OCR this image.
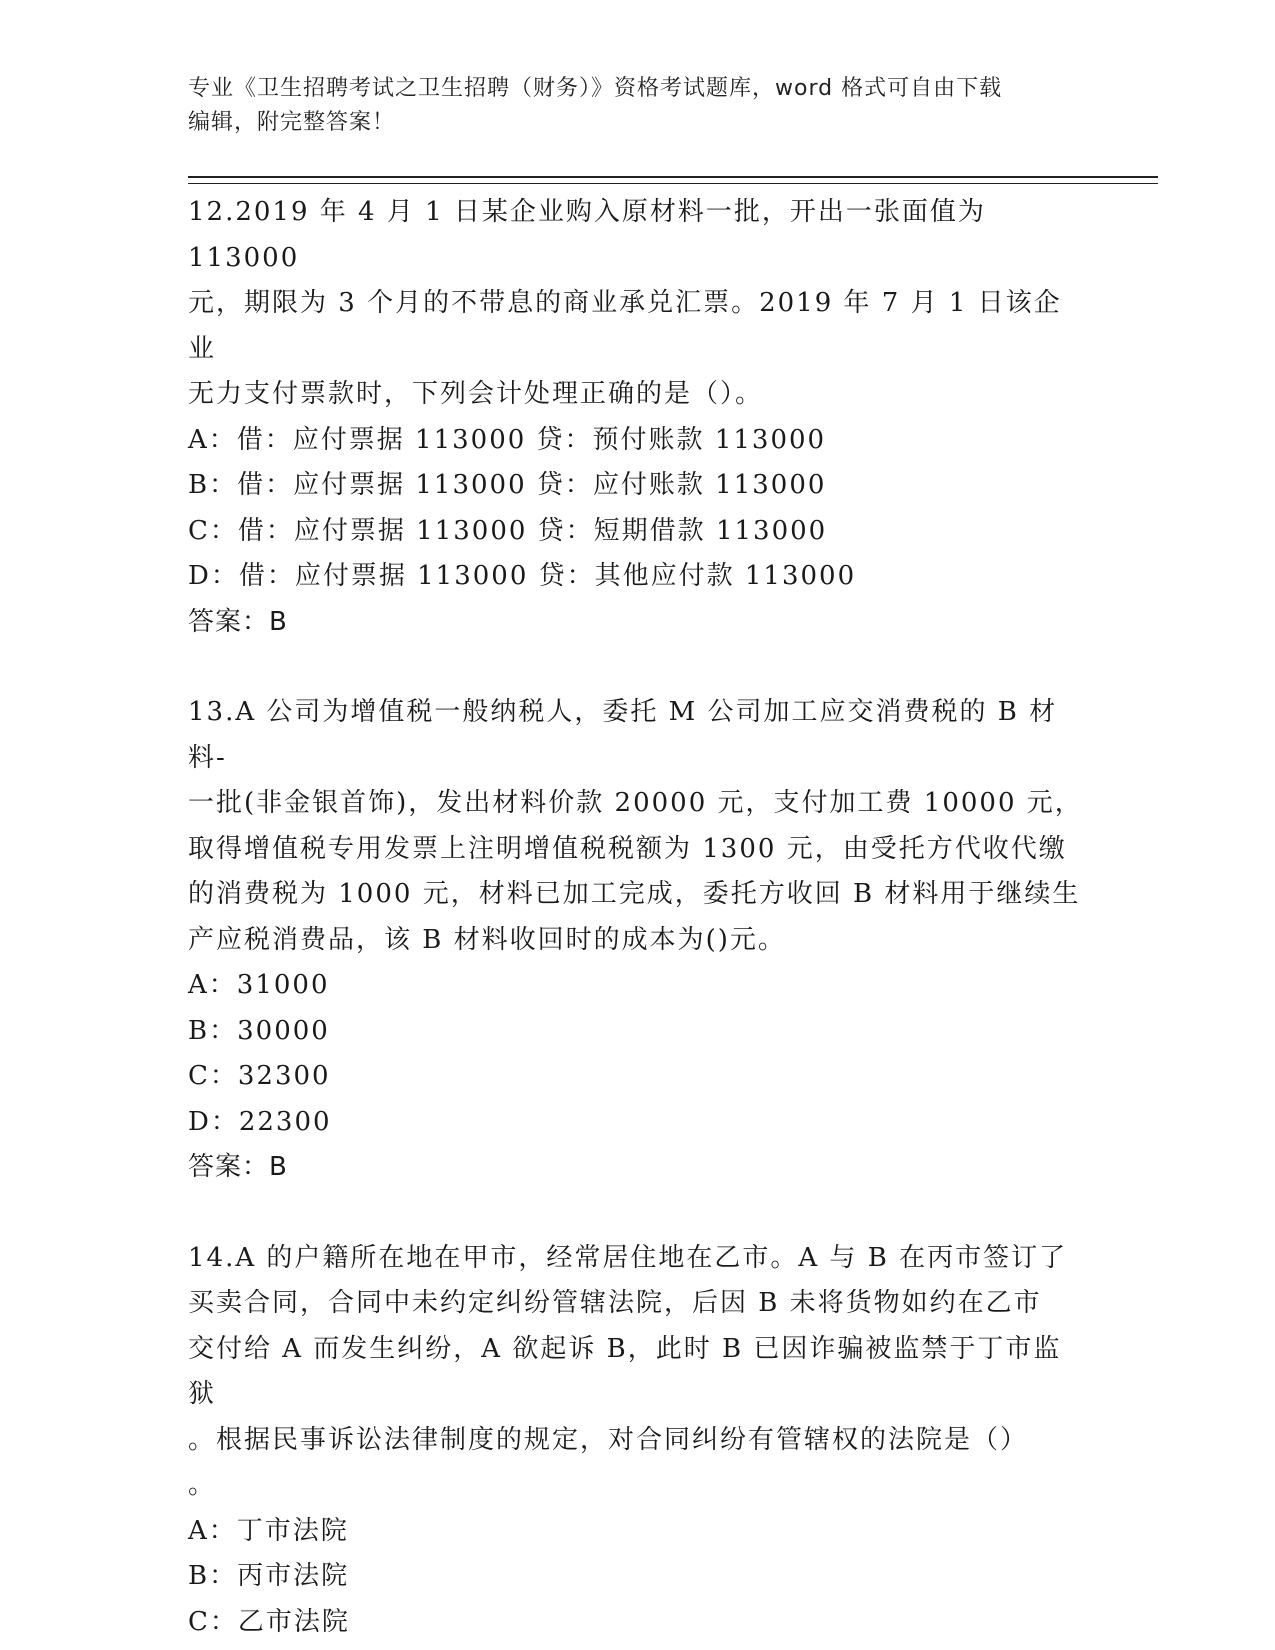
专业《卫生招聘考试之卫生招聘（财务）》资格考试题库，word 格式可自由下载
编辑，附完整答案！

12.2019 年 4 月 1 日某企业购入原材料一批，开出一张面值为 113000

元，期限为 3 个月的不带息的商业承兑汇票。2019 年 7 月 1 日该企业

无力支付票款时，下列会计处理正确的是（）。

A：借：应付票据 113000 贷：预付账款 113000

B：借：应付票据 113000 贷：应付账款 113000

C：借：应付票据 113000 贷：短期借款 113000

D：借：应付票据 113000 贷：其他应付款 113000

答案：B

13.A 公司为增值税一般纳税人，委托 M 公司加工应交消费税的 B 材料-

一批(非金银首饰)，发出材料价款 20000 元，支付加工费 10000 元，

取得增值税专用发票上注明增值税税额为 1300 元，由受托方代收代缴

的消费税为 1000 元，材料已加工完成，委托方收回 B 材料用于继续生

产应税消费品，该 B 材料收回时的成本为()元。

A：31000

B：30000

C：32300

D：22300

答案：B

14.A 的户籍所在地在甲市，经常居住地在乙市。A 与 B 在丙市签订了

买卖合同，合同中未约定纠纷管辖法院，后因 B 未将货物如约在乙市

交付给 A 而发生纠纷，A 欲起诉 B，此时 B 已因诈骗被监禁于丁市监狱

。根据民事诉讼法律制度的规定，对合同纠纷有管辖权的法院是（）

。

A：丁市法院

B：丙市法院

C：乙市法院
